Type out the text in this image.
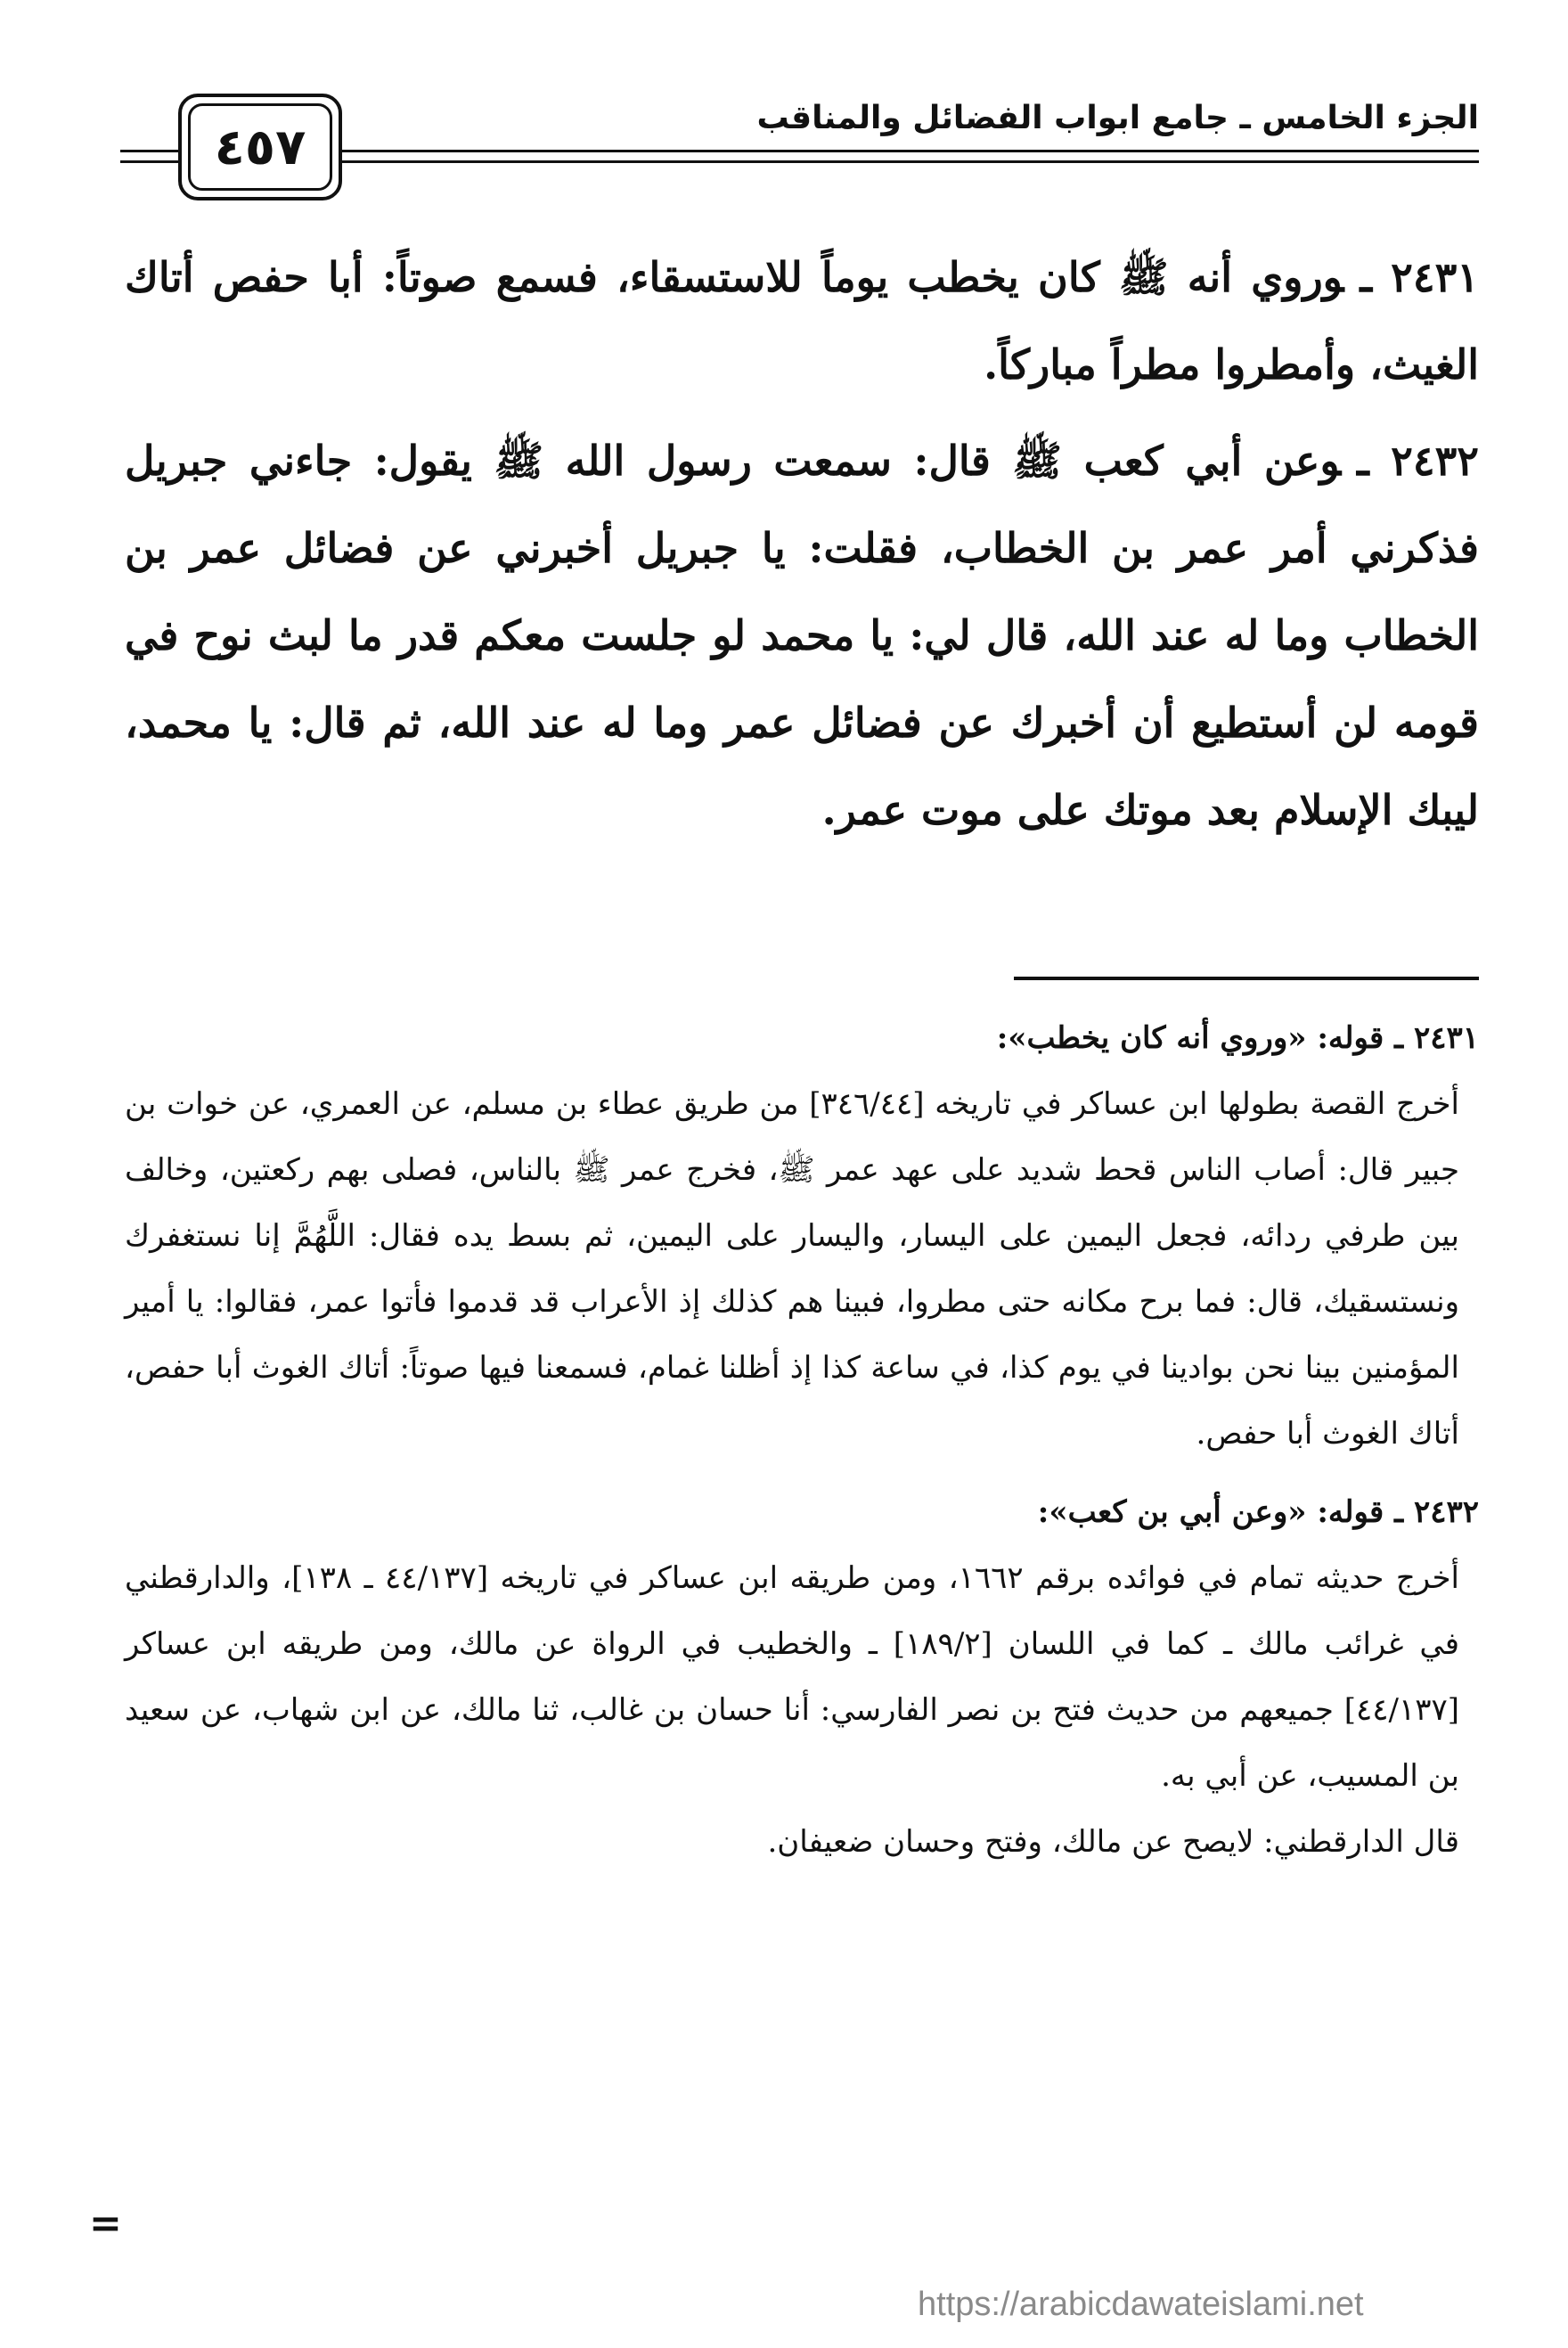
الجزء الخامس ـ جامع ابواب الفضائل والمناقب
٤٥٧

٢٤٣١ ـوروي أنه ﷺ كان يخطب يوماً للاستسقاء، فسمع صوتاً: أبا حفص أتاك الغيث، وأمطروا مطراً مباركاً.

٢٤٣٢ ـوعن أبي كعب ﷺ قال: سمعت رسول الله ﷺ يقول: جاءني جبريل فذكرني أمر عمر بن الخطاب، فقلت: يا جبريل أخبرني عن فضائل عمر بن الخطاب وما له عند الله، قال لي: يا محمد لو جلست معكم قدر ما لبث نوح في قومه لن أستطيع أن أخبرك عن فضائل عمر وما له عند الله، ثم قال: يا محمد، ليبك الإسلام بعد موتك على موت عمر.

٢٤٣١ ـ قوله: «وروي أنه كان يخطب»:
أخرج القصة بطولها ابن عساكر في تاريخه [٣٤٦/٤٤] من طريق عطاء بن مسلم، عن العمري، عن خوات بن جبير قال: أصاب الناس قحط شديد على عهد عمر ﷺ، فخرج عمر ﷺ بالناس، فصلى بهم ركعتين، وخالف بين طرفي ردائه، فجعل اليمين على اليسار، واليسار على اليمين، ثم بسط يده فقال: اللَّهُمَّ إنا نستغفرك ونستسقيك، قال: فما برح مكانه حتى مطروا، فبينا هم كذلك إذ الأعراب قد قدموا فأتوا عمر، فقالوا: يا أمير المؤمنين بينا نحن بوادينا في يوم كذا، في ساعة كذا إذ أظلنا غمام، فسمعنا فيها صوتاً: أتاك الغوث أبا حفص، أتاك الغوث أبا حفص.
٢٤٣٢ ـ قوله: «وعن أبي بن كعب»:
أخرج حديثه تمام في فوائده برقم ١٦٦٢، ومن طريقه ابن عساكر في تاريخه [٤٤/١٣٧ ـ ١٣٨]، والدارقطني في غرائب مالك ـ كما في اللسان [١٨٩/٢] ـ والخطيب في الرواة عن مالك، ومن طريقه ابن عساكر [٤٤/١٣٧] جميعهم من حديث فتح بن نصر الفارسي: أنا حسان بن غالب، ثنا مالك، عن ابن شهاب، عن سعيد بن المسيب، عن أبي به.
قال الدارقطني: لايصح عن مالك، وفتح وحسان ضعيفان.
=
https://arabicdawateislami.net
